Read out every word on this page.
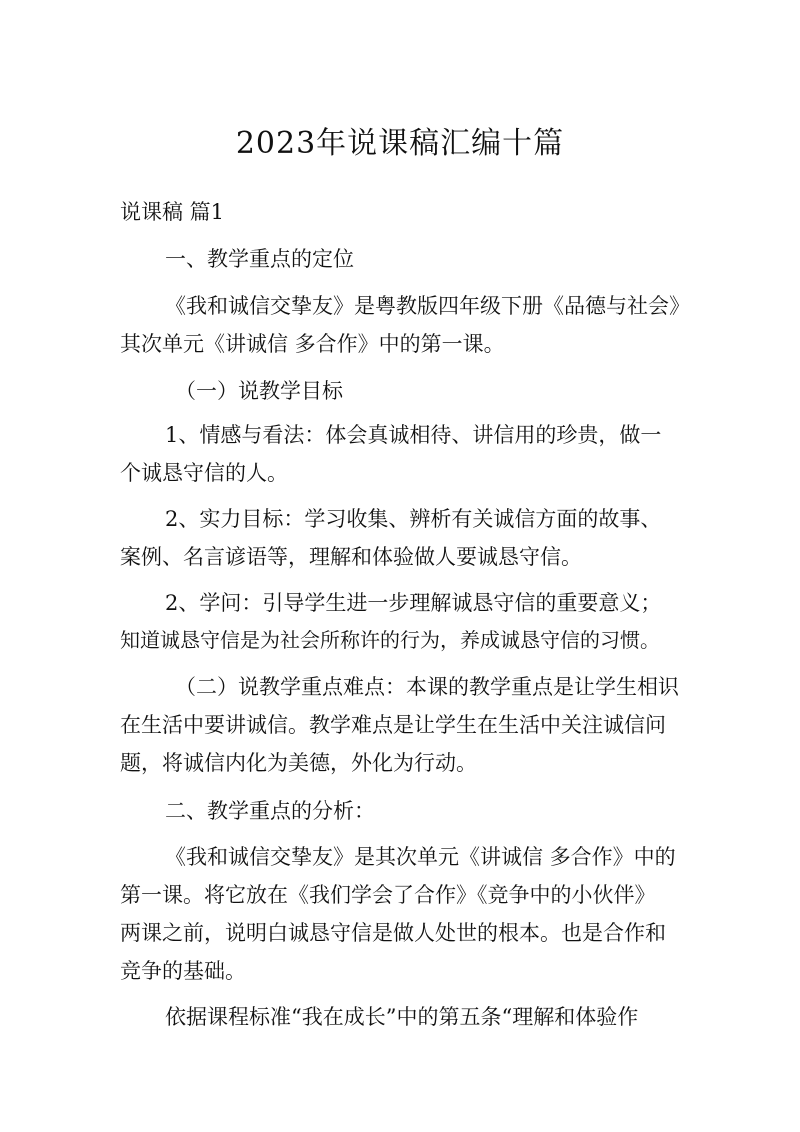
2023年说课稿汇编十篇
说课稿 篇1
一、教学重点的定位
《我和诚信交挚友》是粤教版四年级下册《品德与社会》
其次单元《讲诚信 多合作》中的第一课。
（一）说教学目标
1、情感与看法：体会真诚相待、讲信用的珍贵，做一
个诚恳守信的人。
2、实力目标：学习收集、辨析有关诚信方面的故事、
案例、名言谚语等，理解和体验做人要诚恳守信。
2、学问：引导学生进一步理解诚恳守信的重要意义；
知道诚恳守信是为社会所称许的行为，养成诚恳守信的习惯。
（二）说教学重点难点：本课的教学重点是让学生相识
在生活中要讲诚信。教学难点是让学生在生活中关注诚信问
题，将诚信内化为美德，外化为行动。
二、教学重点的分析：
《我和诚信交挚友》是其次单元《讲诚信 多合作》中的
第一课。将它放在《我们学会了合作》《竞争中的小伙伴》
两课之前，说明白诚恳守信是做人处世的根本。也是合作和
竞争的基础。
依据课程标准“我在成长”中的第五条“理解和体验作
